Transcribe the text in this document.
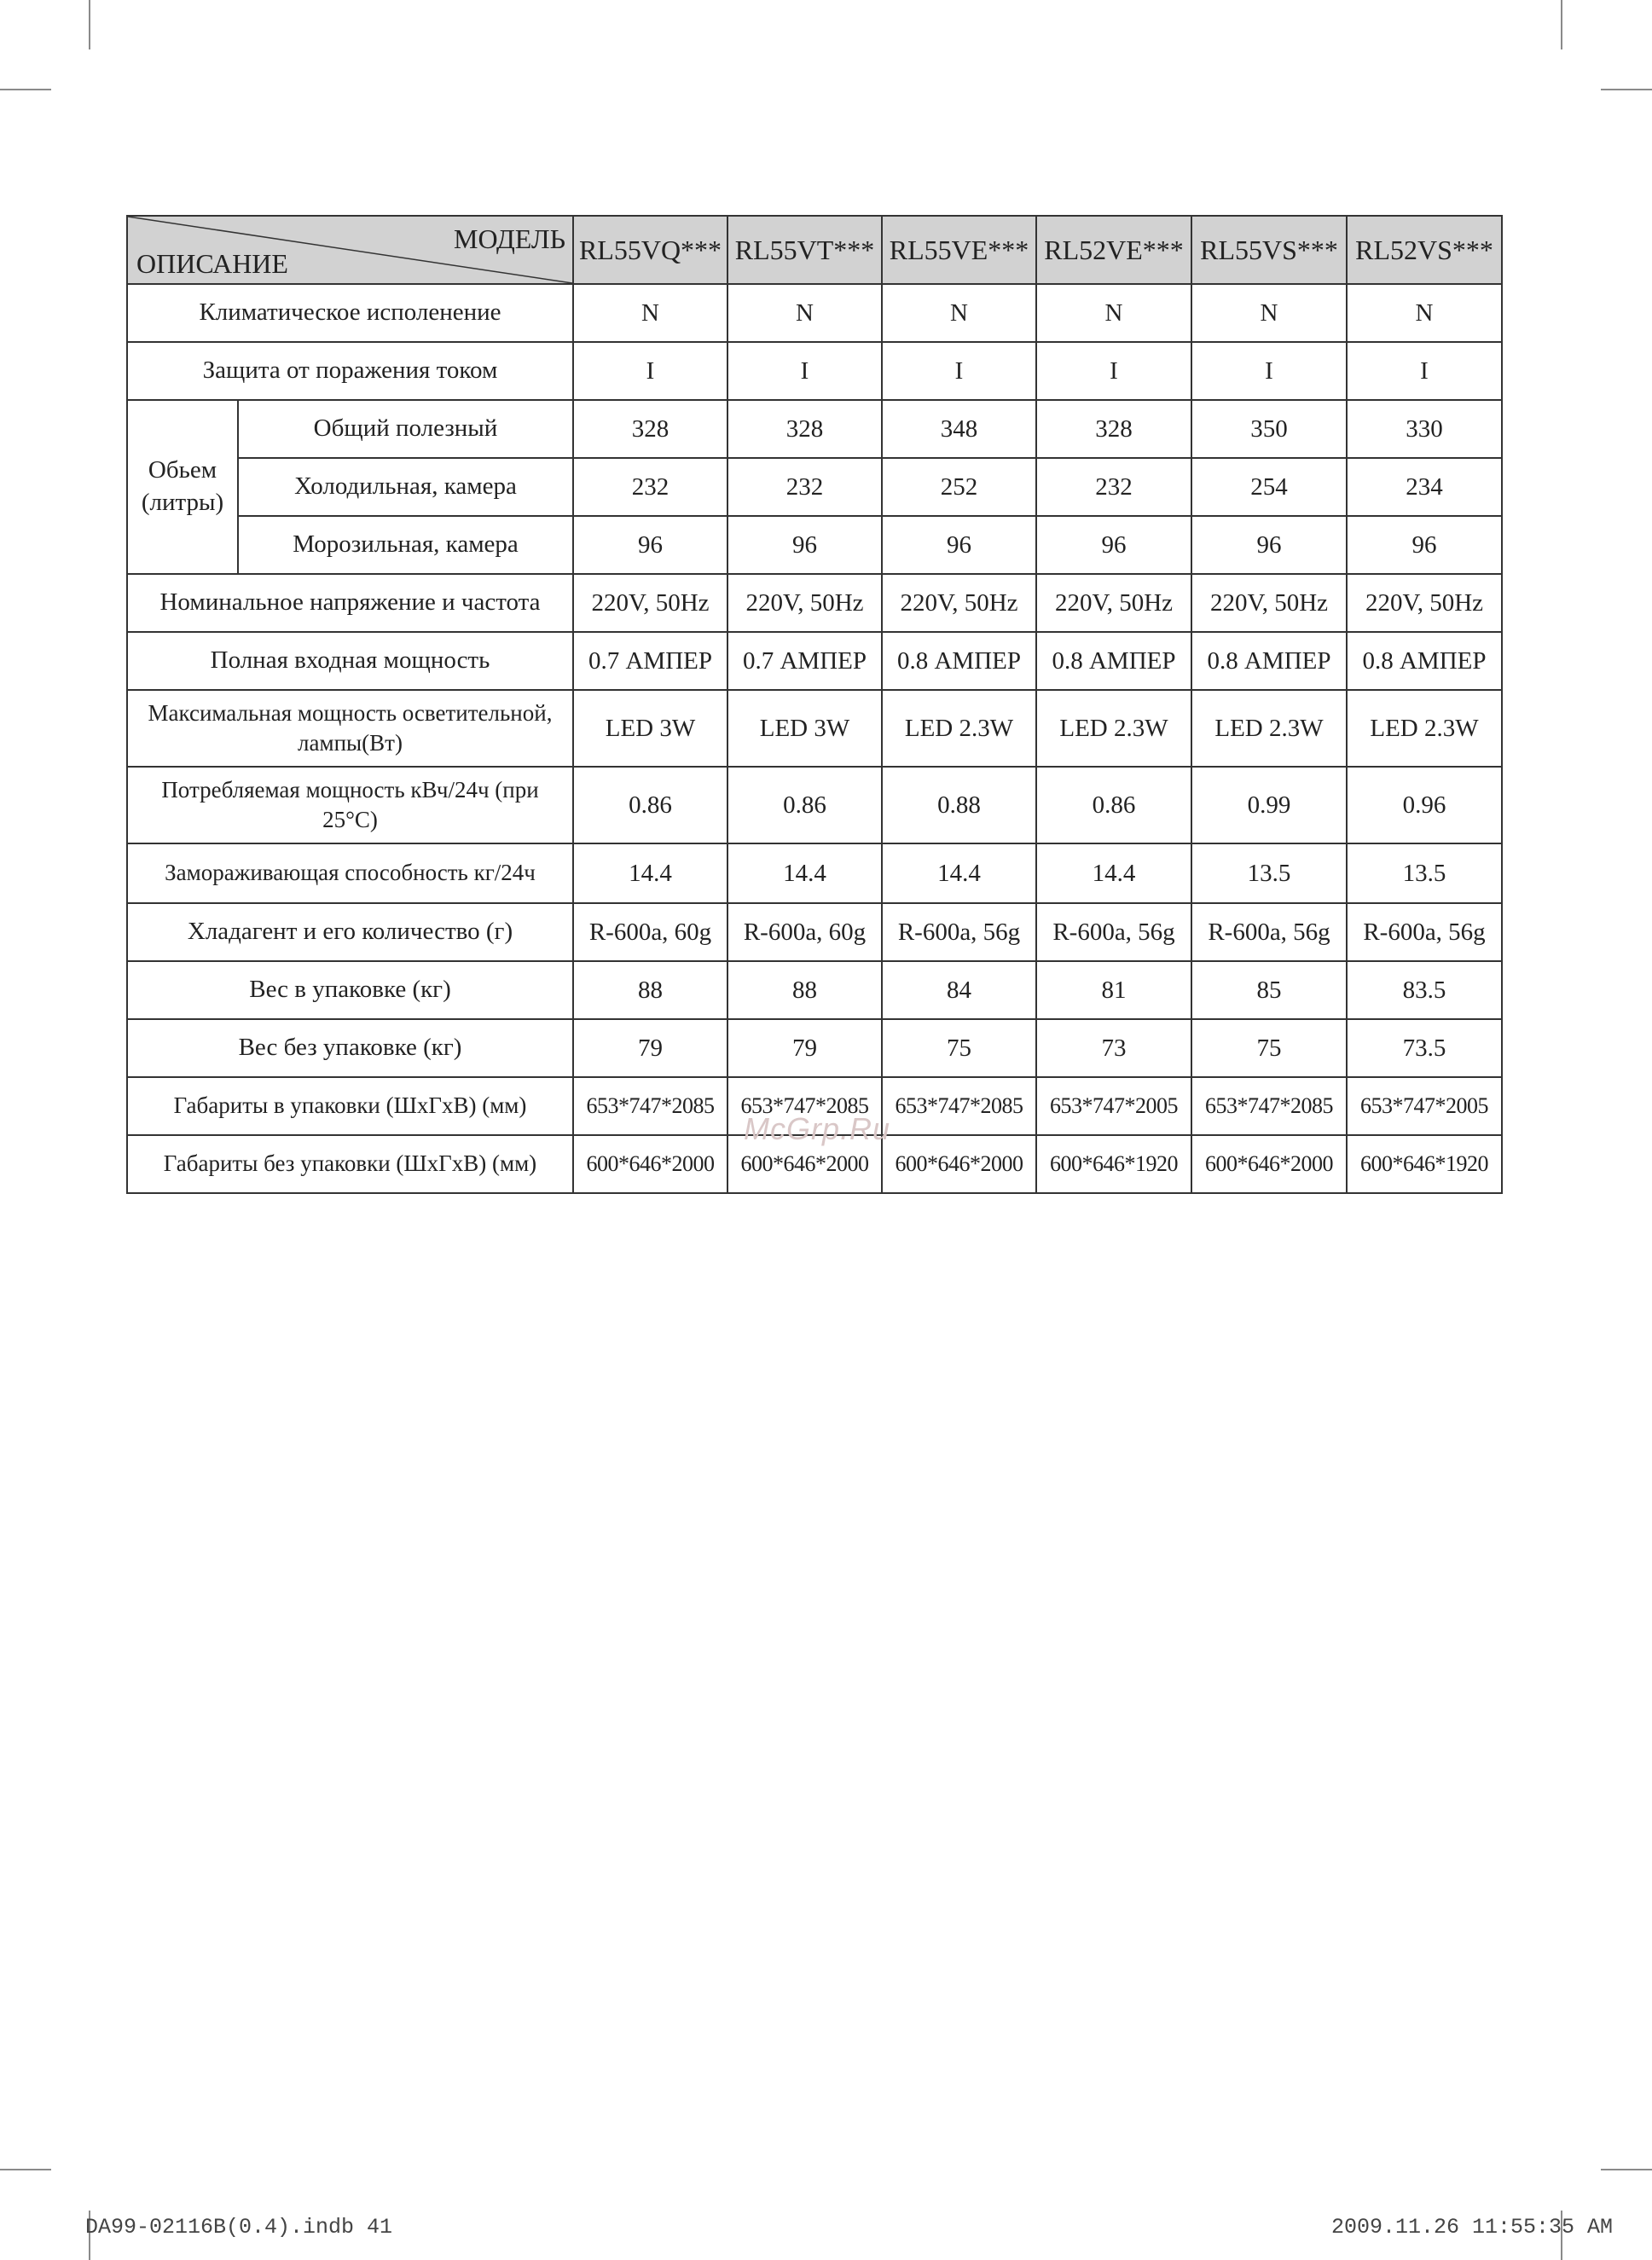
МОДЕЛЬ
ОПИСАНИЕ		RL55VQ***	RL55VT***	RL55VE***	RL52VE***	RL55VS***	RL52VS***
Климатическое исполенение		N	N	N	N	N	N
Защита от поражения током		I	I	I	I	I	I
Обьем (литры)	Общий полезный	328	328	348	328	350	330
	Холодильная, камера	232	232	252	232	254	234
	Морозильная, камера	96	96	96	96	96	96
Номинальное напряжение и частота		220V, 50Hz	220V, 50Hz	220V, 50Hz	220V, 50Hz	220V, 50Hz	220V, 50Hz
Полная входная мощность		0.7 АМПЕР	0.7 АМПЕР	0.8 АМПЕР	0.8 АМПЕР	0.8 АМПЕР	0.8 АМПЕР
Максимальная мощность осветительной, лампы(Вт)		LED 3W	LED 3W	LED 2.3W	LED 2.3W	LED 2.3W	LED 2.3W
Потребляемая мощность кВч/24ч (при 25°C)		0.86	0.86	0.88	0.86	0.99	0.96
Замораживающая способность кг/24ч		14.4	14.4	14.4	14.4	13.5	13.5
Хладагент и его количество (г)		R-600a, 60g	R-600a, 60g	R-600a, 56g	R-600a, 56g	R-600a, 56g	R-600a, 56g
Вес в упаковке (кг)		88	88	84	81	85	83.5
Вес без упаковке (кг)		79	79	75	73	75	73.5
Габариты в упаковки (ШхГхВ) (мм)		653*747*2085	653*747*2085	653*747*2085	653*747*2005	653*747*2085	653*747*2005
Габариты без упаковки (ШхГхВ) (мм)		600*646*2000	600*646*2000	600*646*2000	600*646*1920	600*646*2000	600*646*1920
McGrp.Ru
DA99-02116B(0.4).indb 41	2009.11.26 11:55:35 AM
